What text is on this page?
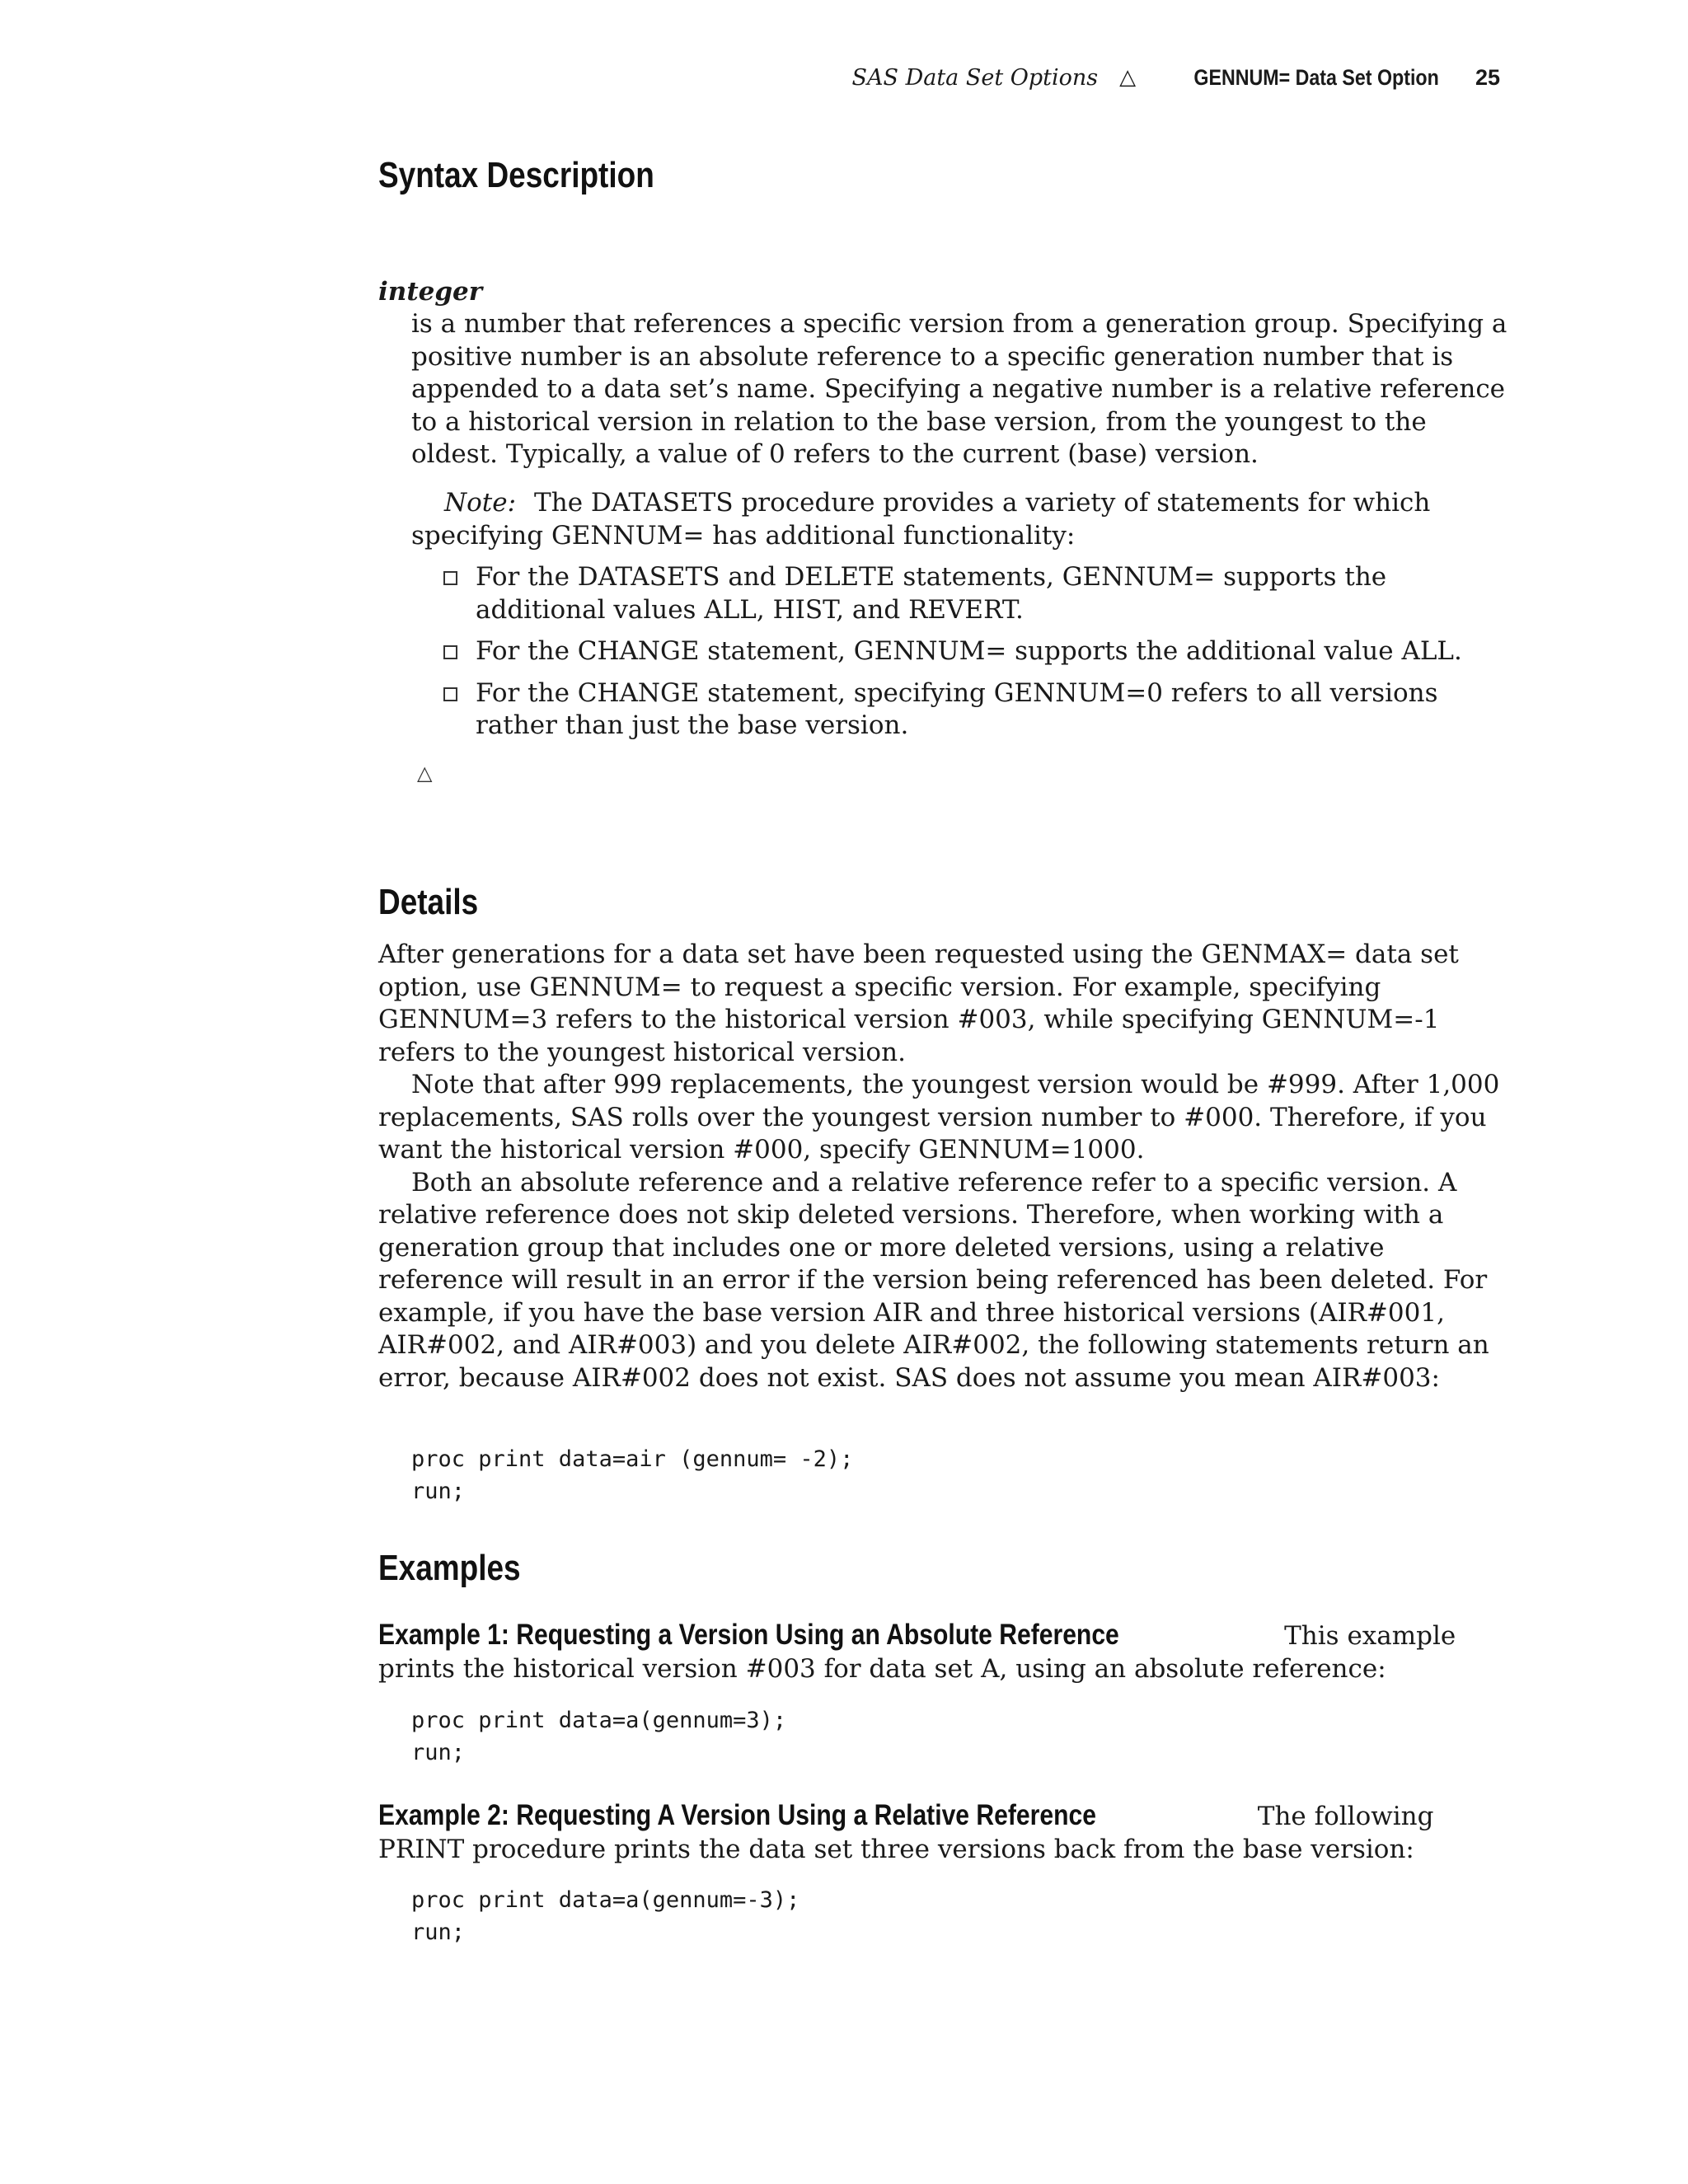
SAS Data Set Options △	GENNUM= Data Set Option 25
Syntax Description

integer

is a number that references a specific version from a generation group. Specifying a positive number is an absolute reference to a specific generation number that is appended to a data set’s name. Specifying a negative number is a relative reference to a historical version in relation to the base version, from the youngest to the oldest. Typically, a value of 0 refers to the current (base) version.

Note: The DATASETS procedure provides a variety of statements for which specifying GENNUM= has additional functionality:

For the DATASETS and DELETE statements, GENNUM= supports the additional values ALL, HIST, and REVERT.
For the CHANGE statement, GENNUM= supports the additional value ALL.
For the CHANGE statement, specifying GENNUM=0 refers to all versions rather than just the base version.
△
Details

After generations for a data set have been requested using the GENMAX= data set option, use GENNUM= to request a specific version. For example, specifying GENNUM=3 refers to the historical version #003, while specifying GENNUM=-1 refers to the youngest historical version.

Note that after 999 replacements, the youngest version would be #999. After 1,000 replacements, SAS rolls over the youngest version number to #000. Therefore, if you want the historical version #000, specify GENNUM=1000.

Both an absolute reference and a relative reference refer to a specific version. A relative reference does not skip deleted versions. Therefore, when working with a generation group that includes one or more deleted versions, using a relative reference will result in an error if the version being referenced has been deleted. For example, if you have the base version AIR and three historical versions (AIR#001, AIR#002, and AIR#003) and you delete AIR#002, the following statements return an error, because AIR#002 does not exist. SAS does not assume you mean AIR#003:

proc print data=air (gennum= -2);
run;
Examples

Example 1: Requesting a Version Using an Absolute Reference	This example prints the historical version #003 for data set A, using an absolute reference:

proc print data=a(gennum=3);
run;

Example 2: Requesting A Version Using a Relative Reference	The following PRINT procedure prints the data set three versions back from the base version:

proc print data=a(gennum=-3);
run;
